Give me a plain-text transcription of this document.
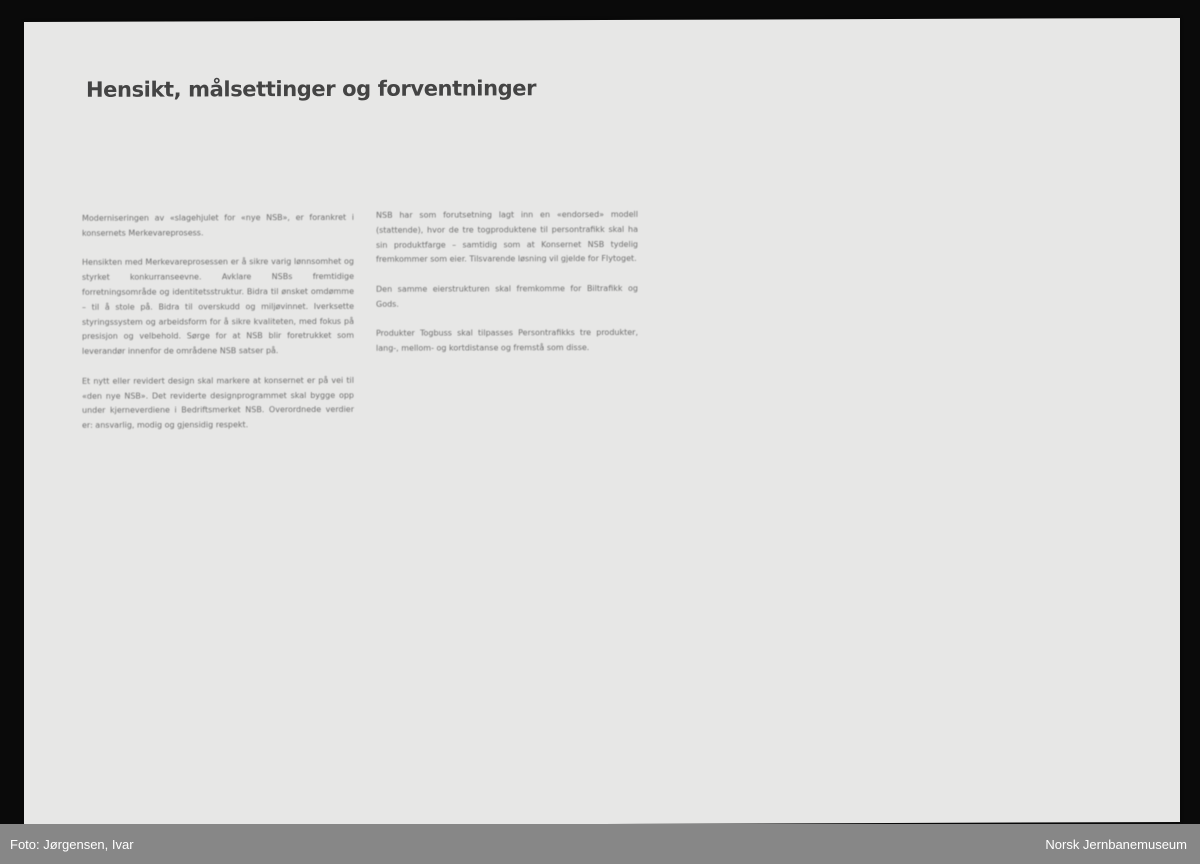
Hensikt, målsettinger og forventninger

Moderniseringen av «slagehjulet for «nye NSB», er forankret i konsernets Merkevareprosess.

Hensikten med Merkevareprosessen er å sikre varig lønnsomhet og styrket konkurranseevne. Avklare NSBs fremtidige forretningsområde og identitetsstruktur. Bidra til ønsket omdømme – til å stole på. Bidra til overskudd og miljøvinnet. Iverksette styringssystem og arbeidsform for å sikre kvaliteten, med fokus på presisjon og velbehold. Sørge for at NSB blir foretrukket som leverandør innenfor de områdene NSB satser på.

Et nytt eller revidert design skal markere at konsernet er på vei til «den nye NSB». Det reviderte designprogrammet skal bygge opp under kjerneverdiene i Bedriftsmerket NSB. Overordnede verdier er: ansvarlig, modig og gjensidig respekt.

NSB har som forutsetning lagt inn en «endorsed» modell (stattende), hvor de tre togproduktene til persontrafikk skal ha sin produktfarge – samtidig som at Konsernet NSB tydelig fremkommer som eier. Tilsvarende løsning vil gjelde for Flytoget.

Den samme eierstrukturen skal fremkomme for Biltrafikk og Gods.

Produkter Togbuss skal tilpasses Persontrafikks tre produkter, lang-, mellom- og kortdistanse og fremstå som disse.

Foto: Jørgensen, Ivar	Norsk Jernbanemuseum
